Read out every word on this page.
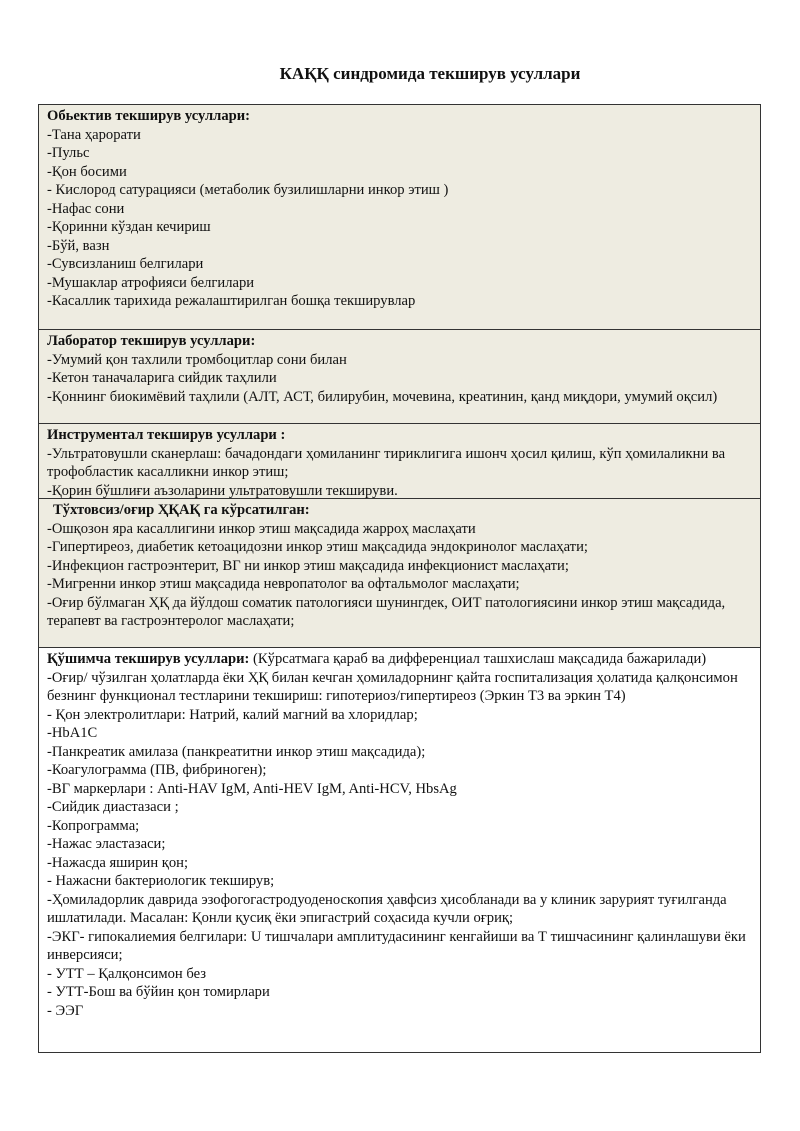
КАҚҚ синдромида текширув усуллари
Обьектив текширув усуллари:
-Тана ҳарорати
-Пульс
-Қон босими
- Кислород сатурацияси (метаболик бузилишларни инкор этиш )
-Нафас сони
-Қоринни кўздан кечириш
-Бўй, вазн
-Сувсизланиш белгилари
-Мушаклар атрофияси белгилари
-Касаллик тарихида режалаштирилган бошқа текширувлар
Лаборатор текширув усуллари:
-Умумий қон тахлили тромбоцитлар сони билан
-Кетон таначаларига сийдик таҳлили
-Қоннинг биокимёвий таҳлили (АЛТ, АСТ, билирубин, мочевина, креатинин, қанд миқдори, умумий оқсил)
Инструментал текширув усуллари :
-Ультратовушли сканерлаш: бачадондаги ҳомиланинг тириклигига ишонч ҳосил қилиш, кўп ҳомилаликни ва трофобластик касалликни инкор этиш;
-Қорин бўшлиғи аъзоларини ультратовушли текшируви.
Тўхтовсиз/оғир ҲҚАҚ га кўрсатилган:
-Ошқозон яра касаллигини инкор этиш мақсадида жарроҳ маслаҳати
-Гипертиреоз, диабетик кетоацидозни инкор этиш мақсадида эндокринолог маслаҳати;
-Инфекцион гастроэнтерит, ВГ ни инкор этиш мақсадида инфекционист маслаҳати;
-Мигренни инкор этиш мақсадида невропатолог ва офтальмолог маслаҳати;
-Оғир бўлмаган ҲҚ да йўлдош соматик патологияси шунингдек, ОИТ патологиясини инкор этиш мақсадида, терапевт ва гастроэнтеролог маслаҳати;
Қўшимча текширув усуллари: (Кўрсатмага қараб ва дифференциал ташхислаш мақсадида бажарилади)
-Оғир/ чўзилган ҳолатларда ёки ҲҚ билан кечган ҳомиладорнинг қайта госпитализация ҳолатида қалқонсимон безнинг функционал тестларини текшириш: гипотериоз/гипертиреоз (Эркин Т3 ва эркин Т4)
- Қон электролитлари: Натрий, калий магний ва хлоридлар;
-HbA1C
-Панкреатик амилаза (панкреатитни инкор этиш мақсадида);
-Коагулограмма (ПВ, фибриноген);
-ВГ маркерлари : Anti-HAV IgM, Anti-HEV IgM, Anti-HCV, HbsAg
-Сийдик диастазаси ;
-Копрограмма;
-Нажас эластазаси;
-Нажасда яширин қон;
- Нажасни бактериологик текширув;
-Ҳомиладорлик даврида эзофогогастродуоденоскопия ҳавфсиз ҳисобланади ва у клиник зарурият туғилганда ишлатилади. Масалан: Қонли қусиқ ёки эпигастрий соҳасида кучли оғриқ;
-ЭКГ- гипокалиемия белгилари: U тишчалари амплитудасининг кенгайиши ва Т тишчасининг қалинлашуви ёки инверсияси;
- УТТ – Қалқонсимон без
- УТТ-Бош ва бўйин қон томирлари
- ЭЭГ
